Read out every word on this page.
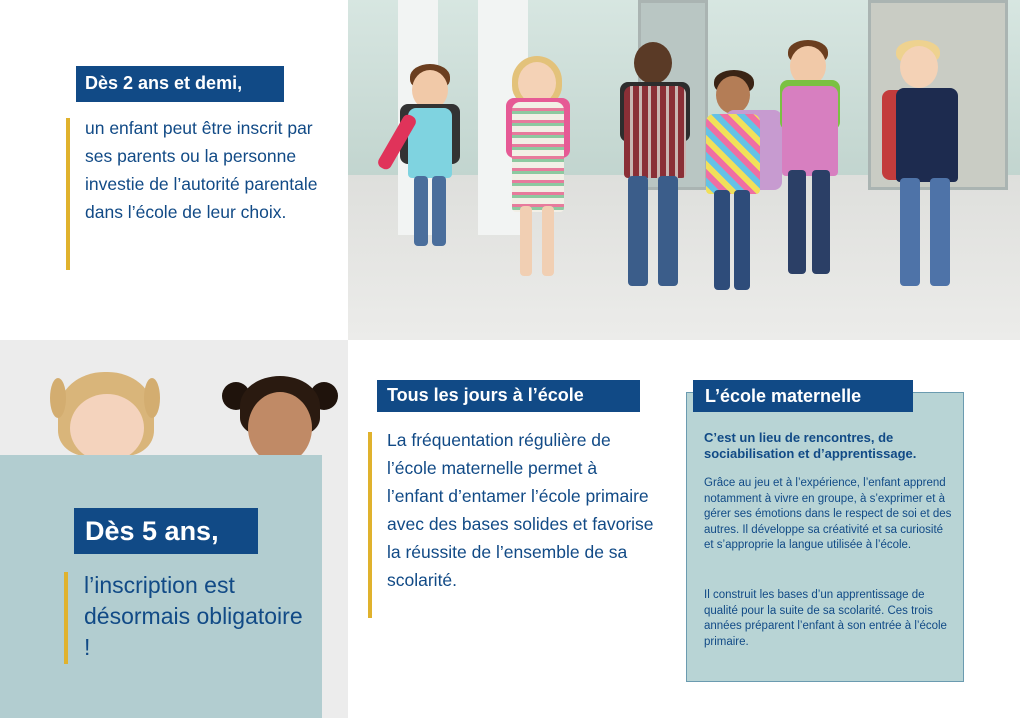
Dès 2 ans et demi,
un enfant peut être inscrit par ses parents ou la personne investie de l’autorité parentale dans l’école de leur choix.
Dès 5 ans,
l’inscription est désormais obligatoire !
Tous les jours à l’école
La fréquentation régulière de l’école maternelle permet à l’enfant d’entamer l’école primaire avec des bases solides et favorise la réussite de l’ensemble de sa scolarité.
L’école maternelle
C’est un lieu de rencontres, de sociabilisation et d’apprentissage.
Grâce au jeu et à l’expérience, l’enfant apprend notamment à vivre en groupe, à s’exprimer et à gérer ses émotions dans le respect de soi et des autres. Il développe sa créativité et sa curiosité et s’approprie la langue utilisée à l’école.
Il construit les bases d’un apprentissage de qualité pour la suite de sa scolarité. Ces trois années préparent l’enfant à son entrée à l’école primaire.
